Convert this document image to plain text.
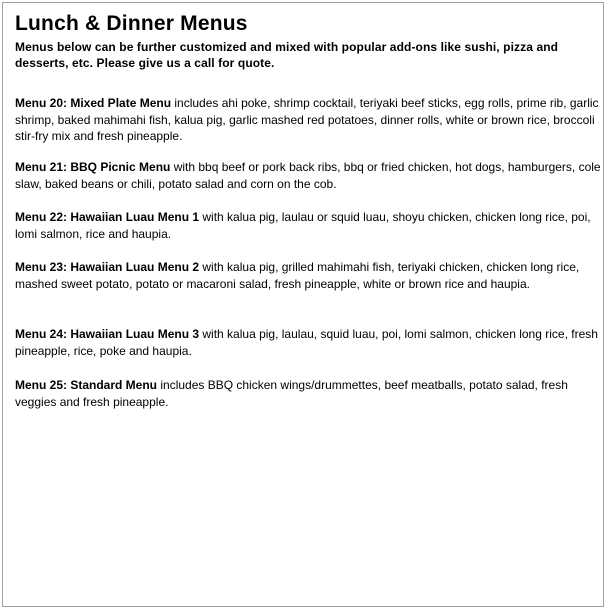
Lunch & Dinner Menus

Menus below can be further customized and mixed with popular add-ons like sushi, pizza and desserts, etc. Please give us a call for quote.

Menu 20: Mixed Plate Menu includes ahi poke, shrimp cocktail, teriyaki beef sticks, egg rolls, prime rib, garlic shrimp, baked mahimahi fish, kalua pig, garlic mashed red potatoes, dinner rolls, white or brown rice, broccoli stir-fry mix and fresh pineapple.

Menu 21: BBQ Picnic Menu with bbq beef or pork back ribs, bbq or fried chicken, hot dogs, hamburgers, cole slaw, baked beans or chili, potato salad and corn on the cob.

Menu 22: Hawaiian Luau Menu 1 with kalua pig, laulau or squid luau, shoyu chicken, chicken long rice, poi, lomi salmon, rice and haupia.

Menu 23: Hawaiian Luau Menu 2 with kalua pig, grilled mahimahi fish, teriyaki chicken, chicken long rice, mashed sweet potato, potato or macaroni salad, fresh pineapple, white or brown rice and haupia.

Menu 24: Hawaiian Luau Menu 3 with kalua pig, laulau, squid luau, poi, lomi salmon, chicken long rice, fresh pineapple, rice, poke and haupia.

Menu 25: Standard Menu includes BBQ chicken wings/drummettes, beef meatballs, potato salad, fresh veggies and fresh pineapple.
